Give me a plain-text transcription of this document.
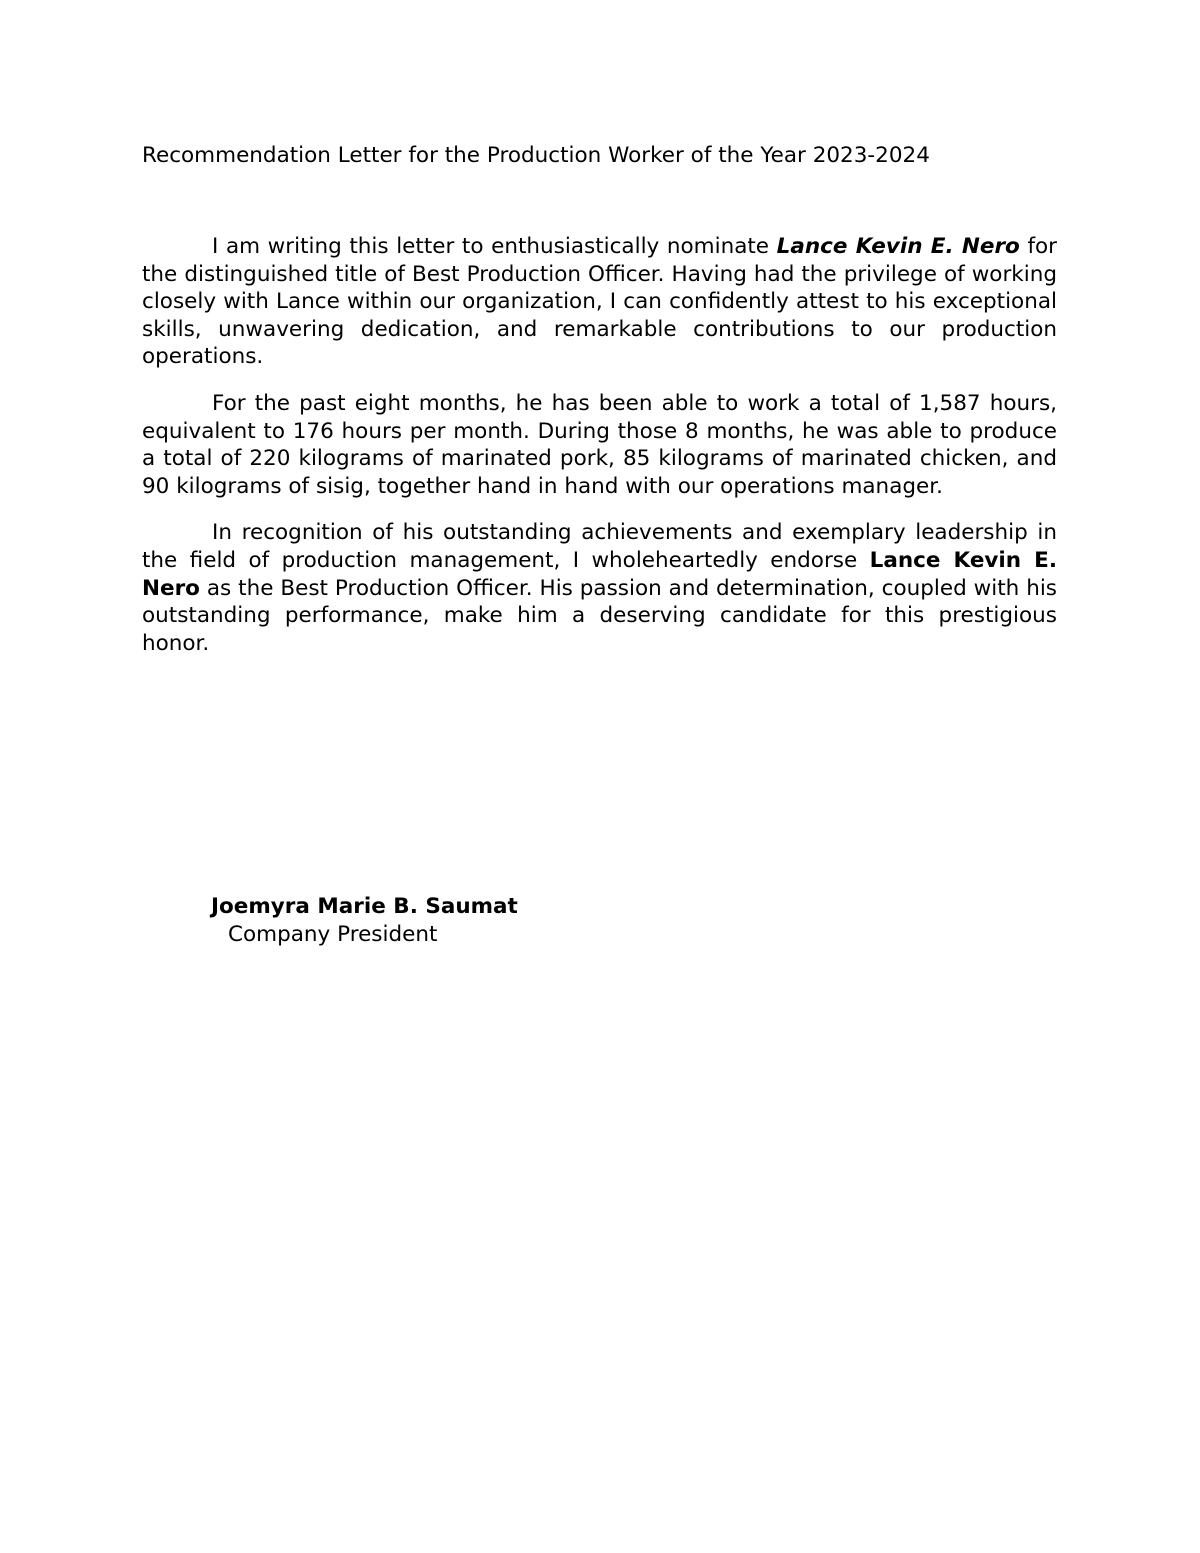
Recommendation Letter for the Production Worker of the Year 2023-2024

I am writing this letter to enthusiastically nominate Lance Kevin E. Nero for the distinguished title of Best Production Officer. Having had the privilege of working closely with Lance within our organization, I can confidently attest to his exceptional skills, unwavering dedication, and remarkable contributions to our production operations.

For the past eight months, he has been able to work a total of 1,587 hours, equivalent to 176 hours per month. During those 8 months, he was able to produce a total of 220 kilograms of marinated pork, 85 kilograms of marinated chicken, and 90 kilograms of sisig, together hand in hand with our operations manager.

In recognition of his outstanding achievements and exemplary leadership in the field of production management, I wholeheartedly endorse Lance Kevin E. Nero as the Best Production Officer. His passion and determination, coupled with his outstanding performance, make him a deserving candidate for this prestigious honor.

Joemyra Marie B. Saumat
Company President
